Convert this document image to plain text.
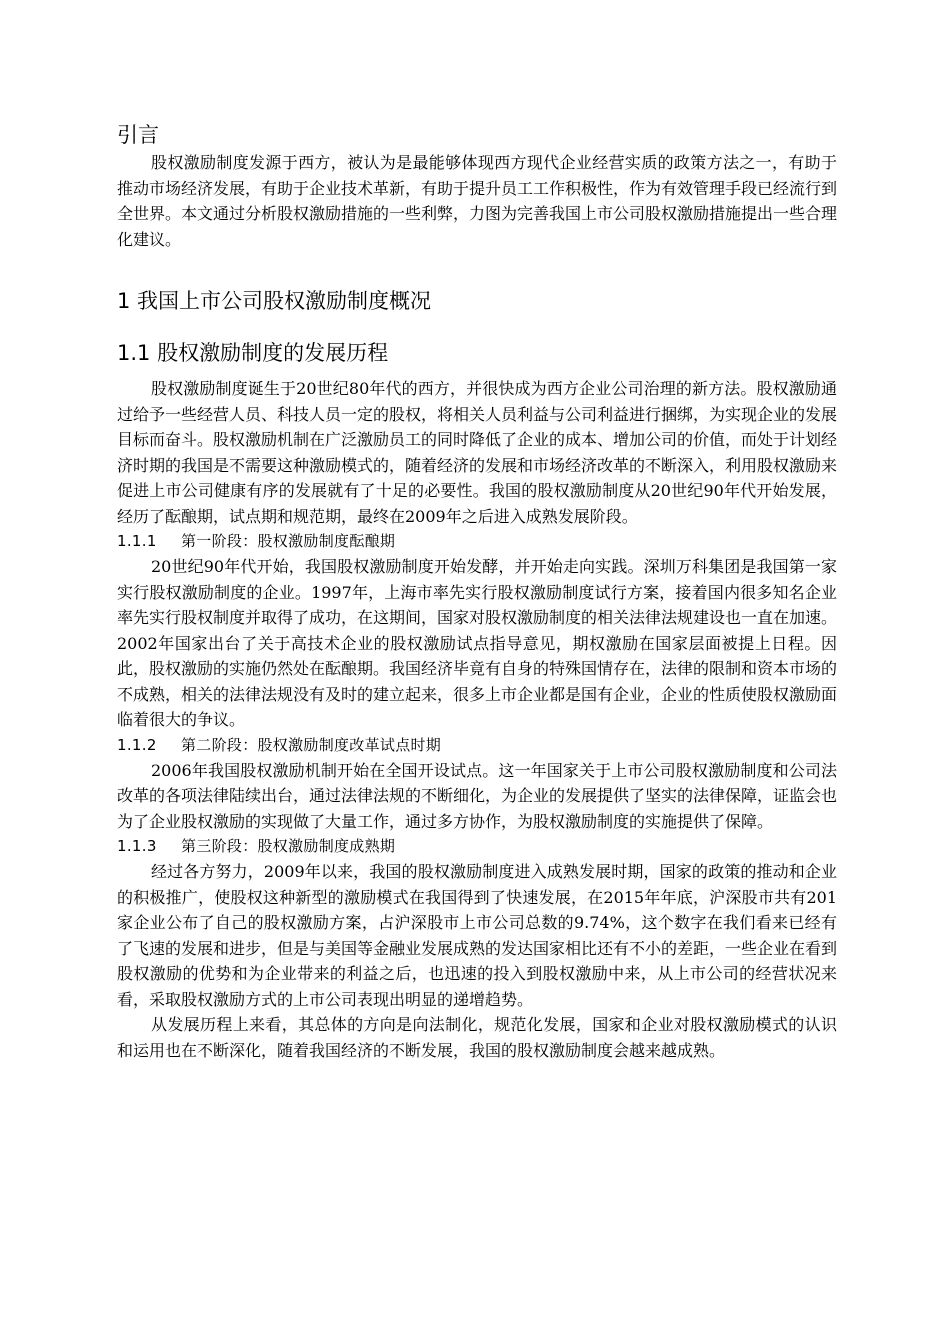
引言

股权激励制度发源于西方，被认为是最能够体现西方现代企业经营实质的政策方法之一，有助于推动市场经济发展，有助于企业技术革新，有助于提升员工工作积极性，作为有效管理手段已经流行到全世界。本文通过分析股权激励措施的一些利弊，力图为完善我国上市公司股权激励措施提出一些合理化建议。

1 我国上市公司股权激励制度概况
1.1 股权激励制度的发展历程

股权激励制度诞生于20世纪80年代的西方，并很快成为西方企业公司治理的新方法。股权激励通过给予一些经营人员、科技人员一定的股权，将相关人员利益与公司利益进行捆绑，为实现企业的发展目标而奋斗。股权激励机制在广泛激励员工的同时降低了企业的成本、增加公司的价值，而处于计划经济时期的我国是不需要这种激励模式的，随着经济的发展和市场经济改革的不断深入，利用股权激励来促进上市公司健康有序的发展就有了十足的必要性。我国的股权激励制度从20世纪90年代开始发展，经历了酝酿期，试点期和规范期，最终在2009年之后进入成熟发展阶段。

1.1.1 第一阶段：股权激励制度酝酿期

20世纪90年代开始，我国股权激励制度开始发酵，并开始走向实践。深圳万科集团是我国第一家实行股权激励制度的企业。1997年，上海市率先实行股权激励制度试行方案，接着国内很多知名企业率先实行股权制度并取得了成功，在这期间，国家对股权激励制度的相关法律法规建设也一直在加速。2002年国家出台了关于高技术企业的股权激励试点指导意见，期权激励在国家层面被提上日程。因此，股权激励的实施仍然处在酝酿期。我国经济毕竟有自身的特殊国情存在，法律的限制和资本市场的不成熟，相关的法律法规没有及时的建立起来，很多上市企业都是国有企业，企业的性质使股权激励面临着很大的争议。

1.1.2 第二阶段：股权激励制度改革试点时期

2006年我国股权激励机制开始在全国开设试点。这一年国家关于上市公司股权激励制度和公司法改革的各项法律陆续出台，通过法律法规的不断细化，为企业的发展提供了坚实的法律保障，证监会也为了企业股权激励的实现做了大量工作，通过多方协作，为股权激励制度的实施提供了保障。

1.1.3 第三阶段：股权激励制度成熟期

经过各方努力，2009年以来，我国的股权激励制度进入成熟发展时期，国家的政策的推动和企业的积极推广，使股权这种新型的激励模式在我国得到了快速发展，在2015年年底，沪深股市共有201家企业公布了自己的股权激励方案，占沪深股市上市公司总数的9.74%，这个数字在我们看来已经有了飞速的发展和进步，但是与美国等金融业发展成熟的发达国家相比还有不小的差距，一些企业在看到股权激励的优势和为企业带来的利益之后，也迅速的投入到股权激励中来，从上市公司的经营状况来看，采取股权激励方式的上市公司表现出明显的递增趋势。

从发展历程上来看，其总体的方向是向法制化，规范化发展，国家和企业对股权激励模式的认识和运用也在不断深化，随着我国经济的不断发展，我国的股权激励制度会越来越成熟。
